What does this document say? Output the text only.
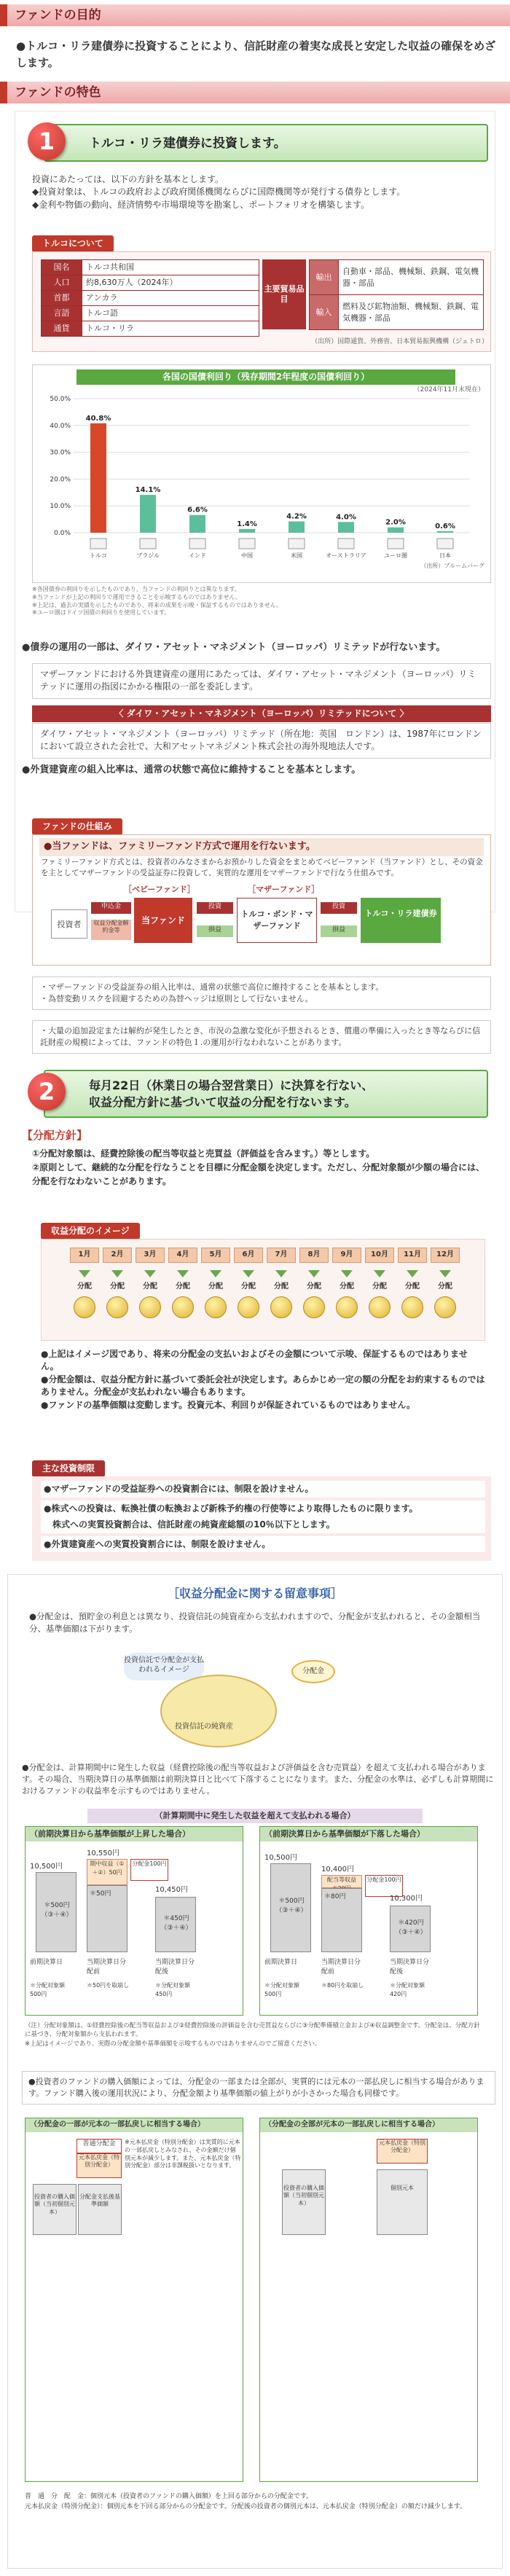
ファンドの目的
●トルコ・リラ建債券に投資することにより、信託財産の着実な成長と安定した収益の確保をめざします。
ファンドの特色
トルコ・リラ建債券に投資します。
1
投資にあたっては、以下の方針を基本とします。
◆投資対象は、トルコの政府および政府関係機関ならびに国際機関等が発行する債券とします。
◆金利や物価の動向、経済情勢や市場環境等を勘案し、ポートフォリオを構築します。
トルコについて
国名	トルコ共和国
人口	約8,630万人（2024年）
首都	アンカラ
言語	トルコ語
通貨	トルコ・リラ
主要貿易品目
輸出	自動車・部品、機械類、鉄鋼、電気機器・部品
輸入	燃料及び鉱物油類、機械類、鉄鋼、電気機器・部品
（出所）国際通貨、外務省、日本貿易振興機構（ジェトロ）
各国の国債利回り（残存期間2年程度の国債利回り）
（2024年11月末現在）
50.0%
40.0%
30.0%
20.0%
10.0%
0.0%
40.8%
トルコ
14.1%
ブラジル
6.6%
インド
1.4%
中国
4.2%
米国
4.0%
オーストラリア
2.0%
ユーロ圏
0.6%
日本
（出所）ブルームバーグ
※各国債券の利回りを示したものであり、当ファンドの利回りとは異なります。
※当ファンドが上記の利回りで運用できることを示唆するものではありません。
※上記は、過去の実績を示したものであり、将来の成果を示唆・保証するものではありません。
※ユーロ圏はドイツ国債の利回りを使用しています。
●債券の運用の一部は、ダイワ・アセット・マネジメント（ヨーロッパ）リミテッドが行ないます。
マザーファンドにおける外貨建資産の運用にあたっては、ダイワ・アセット・マネジメント（ヨーロッパ）リミテッドに運用の指図にかかる権限の一部を委託します。
〈 ダイワ・アセット・マネジメント（ヨーロッパ）リミテッドについて 〉
ダイワ・アセット・マネジメント（ヨーロッパ）リミテッド（所在地：英国　ロンドン）は、1987年にロンドンにおいて設立された会社で、大和アセットマネジメント株式会社の海外現地法人です。
●外貨建資産の組入比率は、通常の状態で高位に維持することを基本とします。
ファンドの仕組み
●当ファンドは、ファミリーファンド方式で運用を行ないます。
ファミリーファンド方式とは、投資者のみなさまからお預かりした資金をまとめてベビーファンド（当ファンド）とし、その資金を主としてマザーファンドの受益証券に投資して、実質的な運用をマザーファンドで行なう仕組みです。
［ベビーファンド］	［マザーファンド］
投資者
申込金
収益分配金解約金等
当ファンド
投資
損益
トルコ・ボンド・マザーファンド
投資
損益
トルコ・リラ建債券
・マザーファンドの受益証券の組入比率は、通常の状態で高位に維持することを基本とします。
・為替変動リスクを回避するための為替ヘッジは原則として行ないません。
・大量の追加設定または解約が発生したとき、市況の急激な変化が予想されるとき、償還の準備に入ったとき等ならびに信託財産の規模によっては、ファンドの特色１.の運用が行なわれないことがあります。
毎月22日（休業日の場合翌営業日）に決算を行ない、
収益分配方針に基づいて収益の分配を行ないます。
2
【分配方針】
①分配対象額は、経費控除後の配当等収益と売買益（評価益を含みます。）等とします。
②原則として、継続的な分配を行なうことを目標に分配金額を決定します。ただし、分配対象額が少額の場合には、分配を行なわないことがあります。
収益分配のイメージ
1月
分配
2月
分配
3月
分配
4月
分配
5月
分配
6月
分配
7月
分配
8月
分配
9月
分配
10月
分配
11月
分配
12月
分配
●上記はイメージ図であり、将来の分配金の支払いおよびその金額について示唆、保証するものではありません。
●分配金額は、収益分配方針に基づいて委託会社が決定します。あらかじめ一定の額の分配をお約束するものではありません。分配金が支払われない場合もあります。
●ファンドの基準価額は変動します。投資元本、利回りが保証されているものではありません。
主な投資制限
●マザーファンドの受益証券への投資割合には、制限を設けません。
●株式への投資は、転換社債の転換および新株予約権の行使等により取得したものに限ります。
　株式への実質投資割合は、信託財産の純資産総額の10％以下とします。
●外貨建資産への実質投資割合には、制限を設けません。
［収益分配金に関する留意事項］
●分配金は、預貯金の利息とは異なり、投資信託の純資産から支払われますので、分配金が支払われると、その金額相当分、基準価額は下がります。
投資信託で分配金が支払われるイメージ
投資信託の純資産
分配金
●分配金は、計算期間中に発生した収益（経費控除後の配当等収益および評価益を含む売買益）を超えて支払われる場合があります。その場合、当期決算日の基準価額は前期決算日と比べて下落することになります。また、分配金の水準は、必ずしも計算期間におけるファンドの収益率を示すものではありません。
（計算期間中に発生した収益を超えて支払われる場合）
（前期決算日から基準価額が上昇した場合）
10,500円
＊500円（③＋④）
10,550円
期中収益（①＋②）50円
＊50円
分配金100円
10,450円
＊450円（③＋④）
前期決算日	当期決算日分配前
当期決算日分配後
＊分配対象額500円
＊50円を取崩し	＊分配対象額450円
（前期決算日から基準価額が下落した場合）
10,500円
＊500円（③＋④）
10,400円
配当等収益
＊80円
分配金100円
10,300円
＊420円（③＋④）
前期決算日	当期決算日分配前
当期決算日分配後
＊分配対象額500円
＊80円を取崩し	＊分配対象額420円
（注）分配対象額は、①経費控除後の配当等収益および②経費控除後の評価益を含む売買益ならびに③分配準備積立金および④収益調整金です。分配金は、分配方針に基づき、分配対象額から支払われます。
※上記はイメージであり、実際の分配金額や基準価額を示唆するものではありませんのでご留意ください。
●投資者のファンドの購入価額によっては、分配金の一部または全部が、実質的には元本の一部払戻しに相当する場合があります。ファンド購入後の運用状況により、分配金額より基準価額の値上がりが小さかった場合も同様です。
（分配金の一部が元本の一部払戻しに相当する場合）
普通分配金
元本払戻金（特別分配金）
投資者の購入価額（当初個別元本）
分配金支払後基準価額
※元本払戻金（特別分配金）は実質的に元本の一部払戻しとみなされ、その金額だけ個別元本が減少します。また、元本払戻金（特別分配金）部分は非課税扱いとなります。
（分配金の全部が元本の一部払戻しに相当する場合）
元本払戻金（特別分配金）
投資者の購入価額（当初個別元本）
個別元本
普　通　分　配　金：個別元本（投資者のファンドの購入価額）を上回る部分からの分配金です。
元本払戻金（特別分配金）：個別元本を下回る部分からの分配金です。分配後の投資者の個別元本は、元本払戻金（特別分配金）の額だけ減少します。
